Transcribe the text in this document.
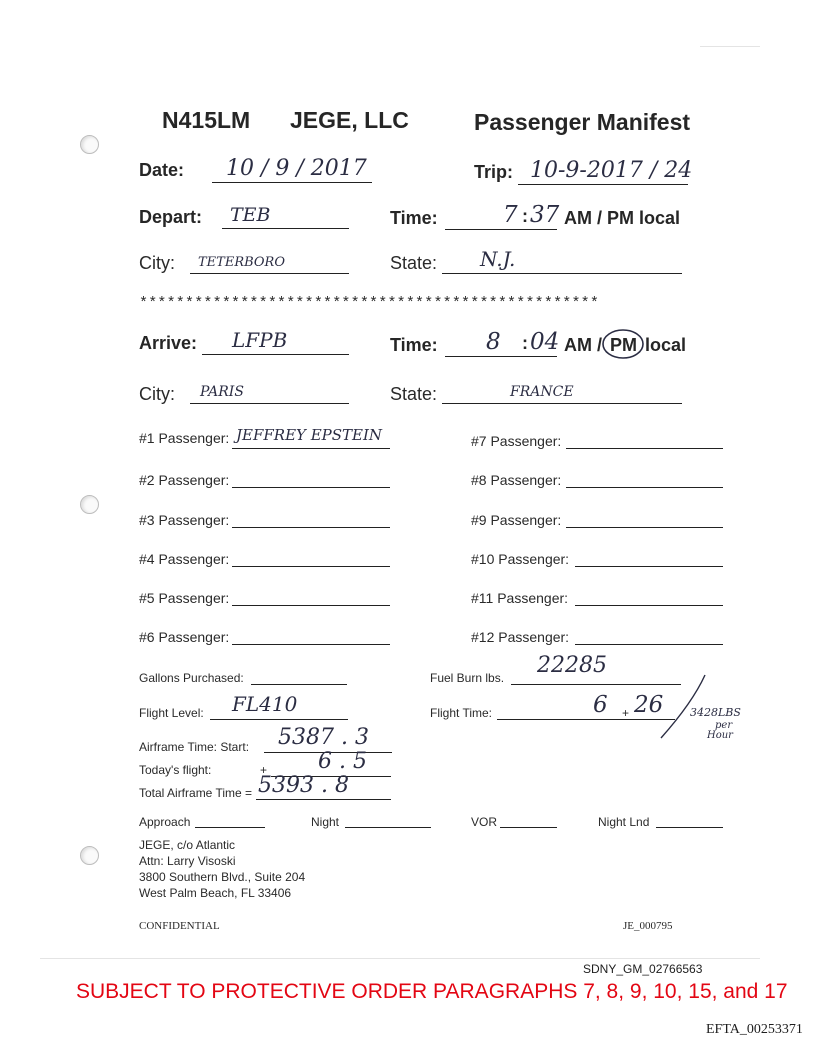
N415LM JEGE, LLC	Passenger Manifest
Date: 10 / 9 / 2017	Trip: 10-9-2017 / 24
Depart: TEB	Time:	7 : 37 AM / PM local
City: TETERBORO	State: N.J.
**************************************************
Arrive: LFPB	Time: 8 : 04 AM / PM local
City: PARIS	State:	FRANCE
#1 Passenger: JEFFREY EPSTEIN
#2 Passenger:
#3 Passenger:
#4 Passenger:
#5 Passenger:
#6 Passenger:
#7 Passenger:
#8 Passenger:
#9 Passenger:
#10 Passenger:
#11 Passenger:
#12 Passenger:
Gallons Purchased:	Fuel Burn lbs. 22285
Flight Level: FL410	Flight Time:	6 + 26 3428LBS
per
Hour
Airframe Time: Start: 5387 . 3
Today's flight:	+ 6 . 5
Total Airframe Time = 5393 . 8
Approach	Night	VOR	Night Lnd
JEGE, c/o Atlantic
Attn: Larry Visoski
3800 Southern Blvd., Suite 204
West Palm Beach, FL 33406
CONFIDENTIAL	JE_000795
SDNY_GM_02766563
SUBJECT TO PROTECTIVE ORDER PARAGRAPHS 7, 8, 9, 10, 15, and 17
EFTA_00253371
